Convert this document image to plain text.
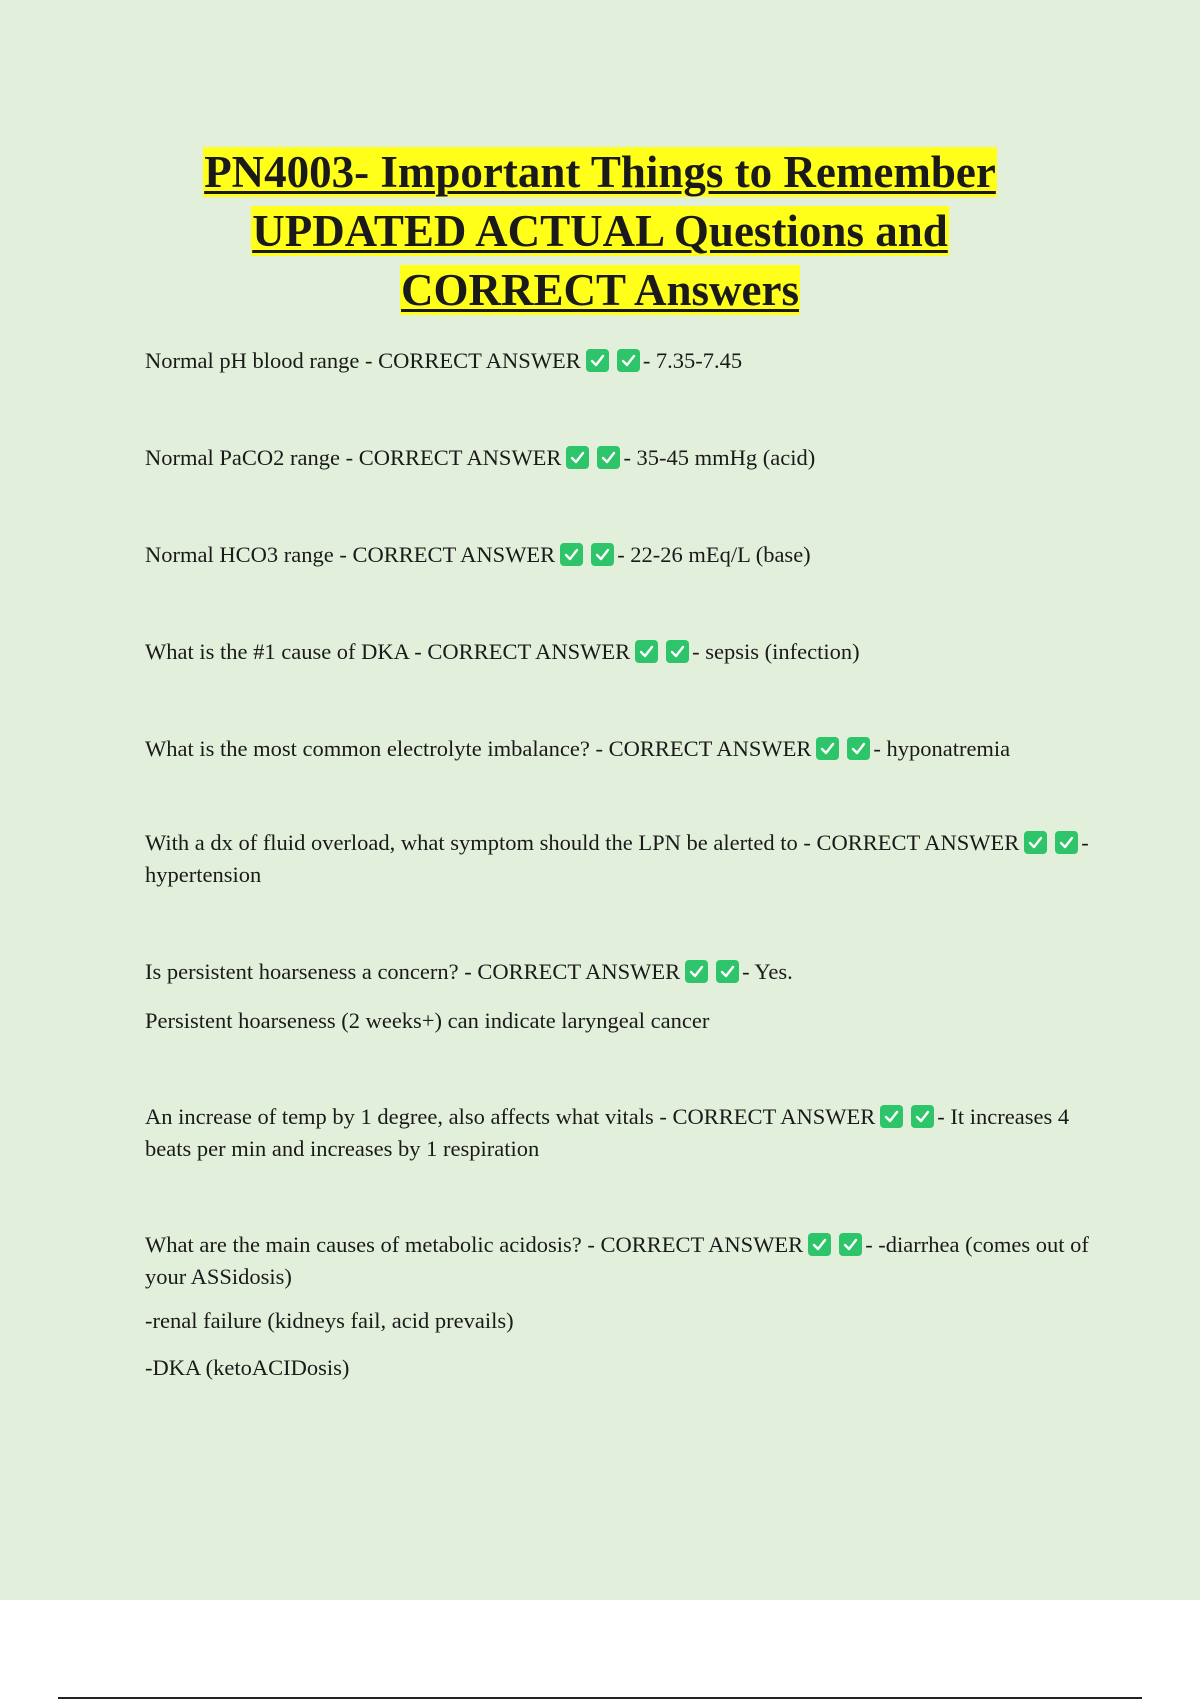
PN4003- Important Things to Remember
UPDATED ACTUAL Questions and
CORRECT Answers
Normal pH blood range - CORRECT ANSWER	- 7.35-7.45
Normal PaCO2 range - CORRECT ANSWER	- 35-45 mmHg (acid)
Normal HCO3 range - CORRECT ANSWER	- 22-26 mEq/L (base)
What is the #1 cause of DKA - CORRECT ANSWER	- sepsis (infection)
What is the most common electrolyte imbalance? - CORRECT ANSWER	- hyponatremia
With a dx of fluid overload, what symptom should the LPN be alerted to - CORRECT ANSWER	- hypertension
Is persistent hoarseness a concern? - CORRECT ANSWER	- Yes.
Persistent hoarseness (2 weeks+) can indicate laryngeal cancer
An increase of temp by 1 degree, also affects what vitals - CORRECT ANSWER	- It increases 4 beats per min and increases by 1 respiration
What are the main causes of metabolic acidosis? - CORRECT ANSWER	- -diarrhea (comes out of your ASSidosis)
-renal failure (kidneys fail, acid prevails)
-DKA (ketoACIDosis)
